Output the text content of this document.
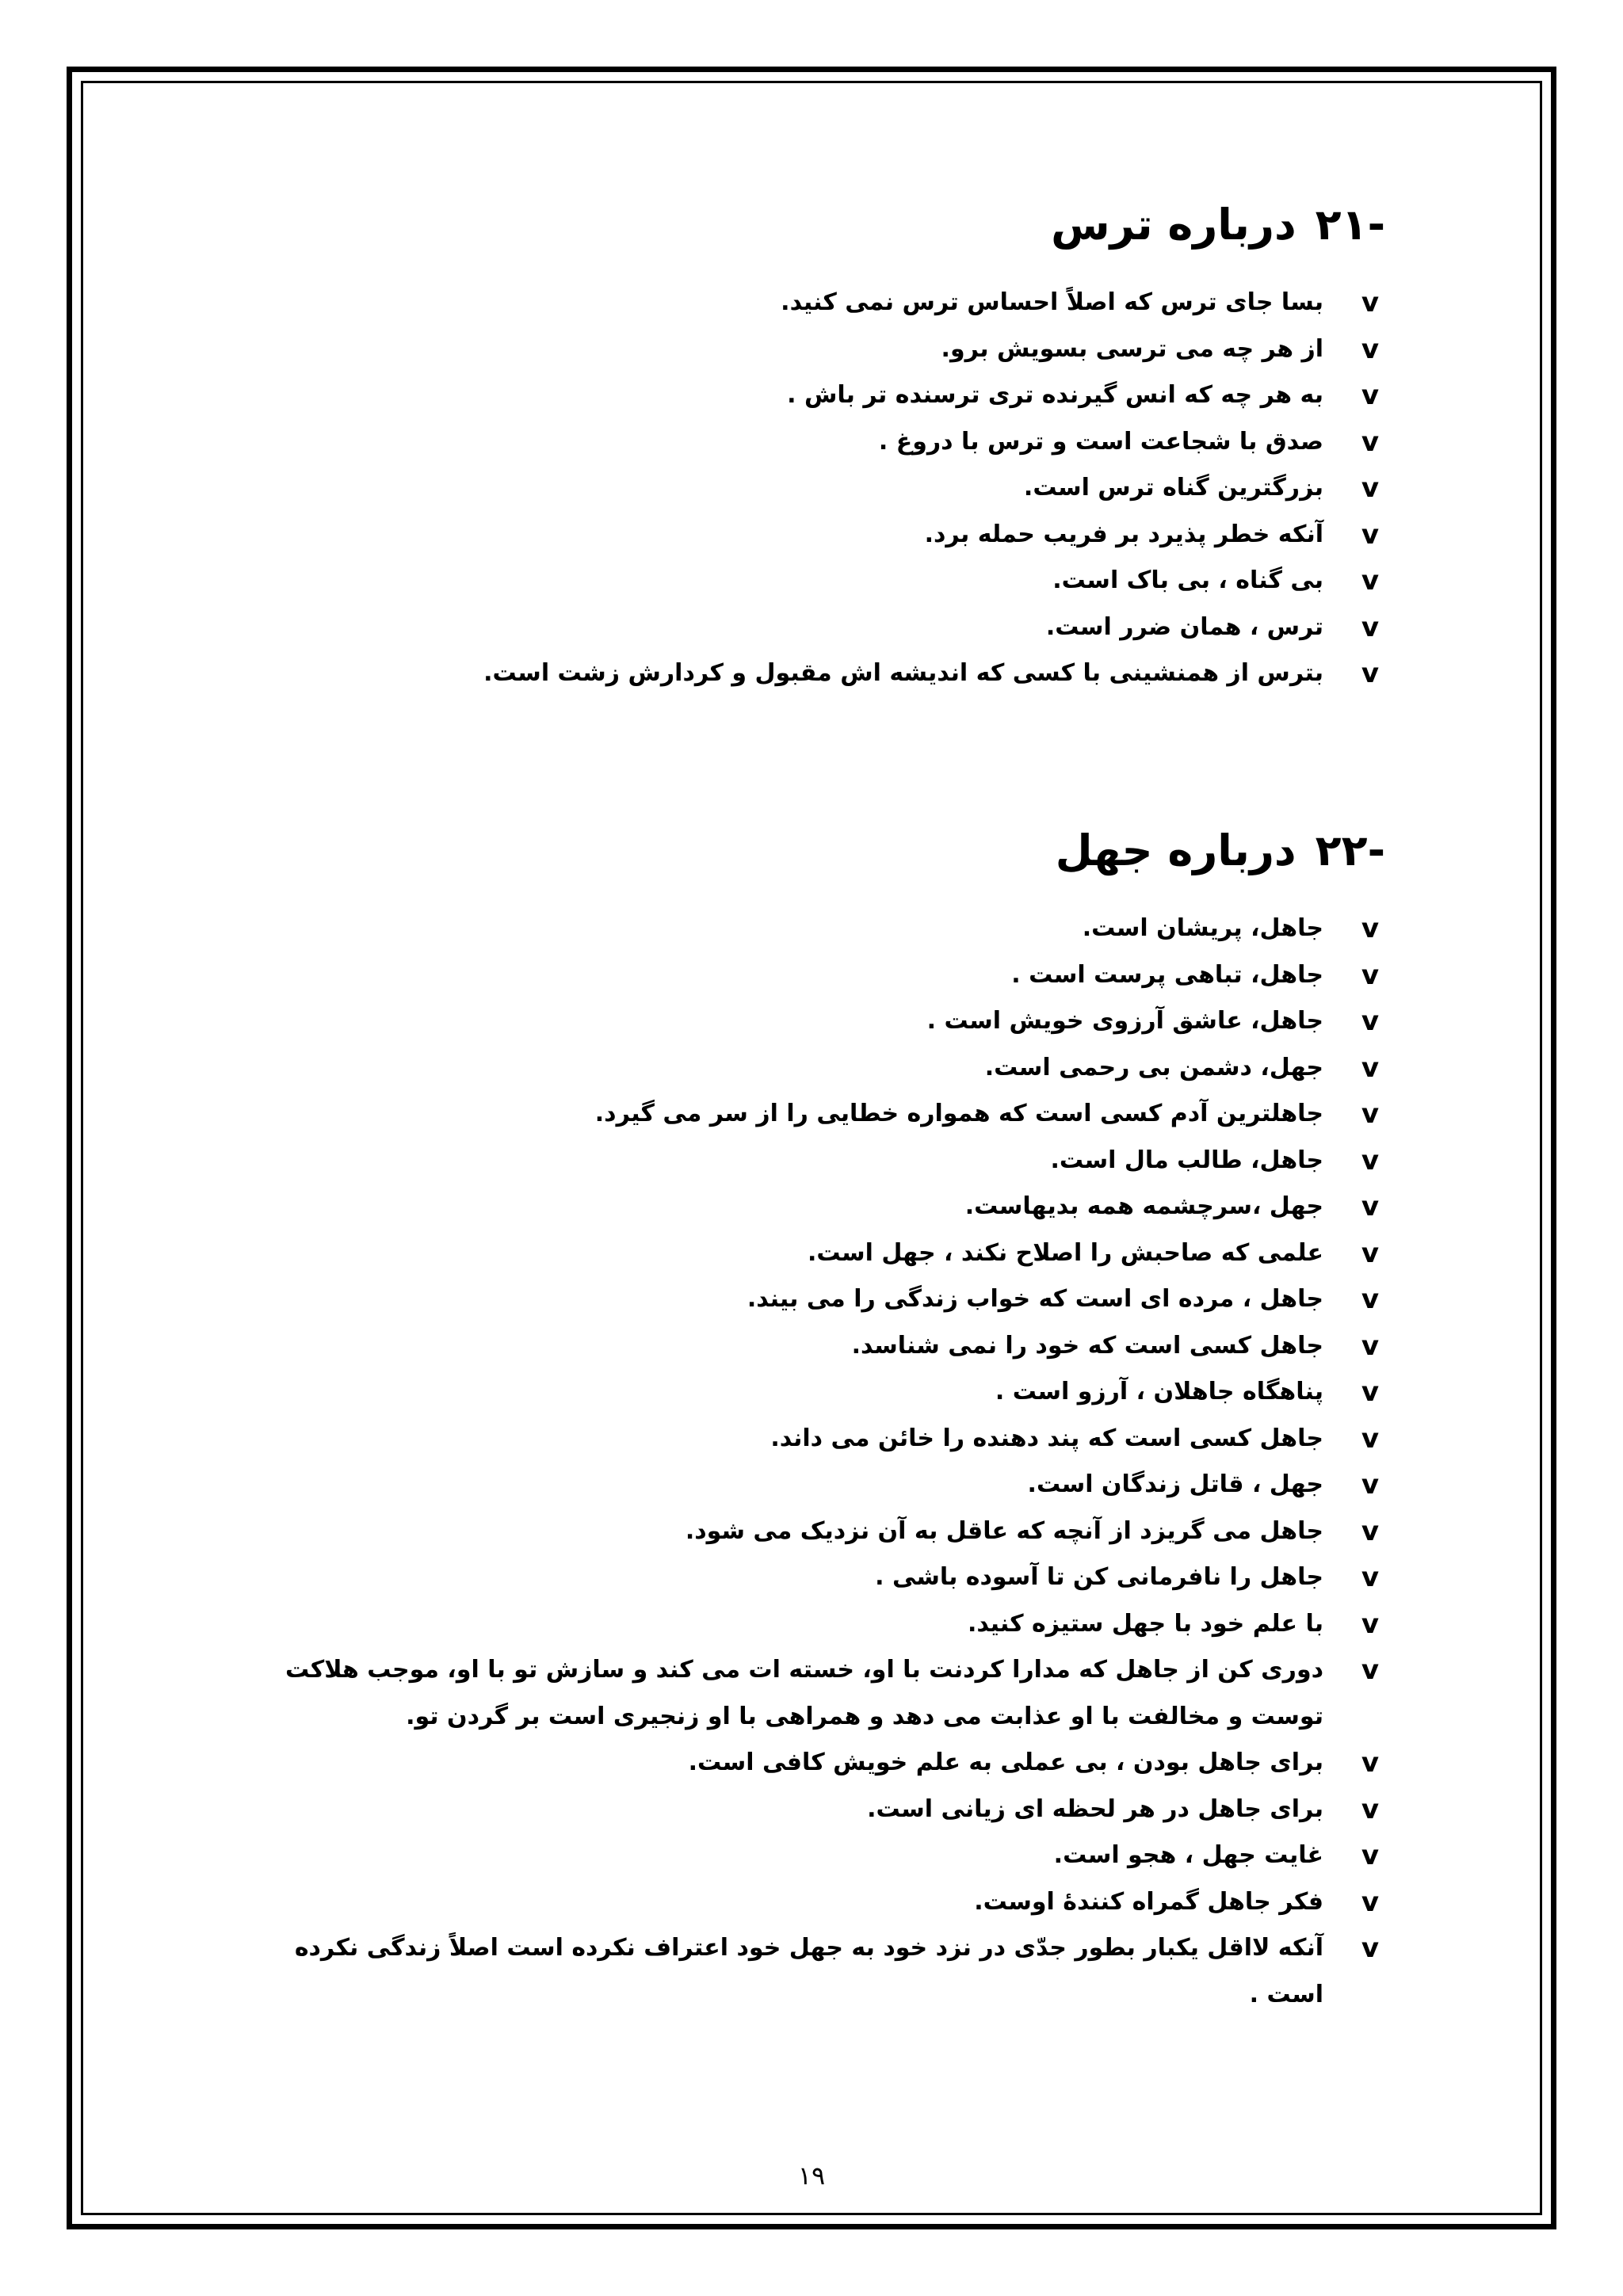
-۲۱درباره ترس
v
بسا جای ترس که اصلاً احساس ترس نمی کنید.
v
از هر چه می ترسی بسویش برو.
v
به هر چه که انس گیرنده تری ترسنده تر باش .
v
صدق با شجاعت است و ترس با دروغ .
v
بزرگترین گناه ترس است.
v
آنکه خطر پذیرد بر فریب حمله برد.
v
بی گناه ، بی باک است.
v
ترس ، همان ضرر است.
v
بترس از همنشینی با کسی که اندیشه اش مقبول و کردارش زشت است.
-۲۲درباره جهل
v
جاهل، پریشان است.
v
جاهل، تباهی پرست است .
v
جاهل، عاشق آرزوی خویش است .
v
جهل، دشمن بی رحمی است.
v
جاهلترین آدم کسی است که همواره خطایی را از سر می گیرد.
v
جاهل، طالب مال است.
v
جهل ،سرچشمه همه بدیهاست.
v
علمی که صاحبش را اصلاح نکند ، جهل است.
v
جاهل ، مرده ای است که خواب زندگی را می بیند.
v
جاهل کسی است که خود را نمی شناسد.
v
پناهگاه جاهلان ، آرزو است .
v
جاهل کسی است که پند دهنده را خائن می داند.
v
جهل ، قاتل زندگان است.
v
جاهل می گریزد از آنچه که عاقل به آن نزدیک می شود.
v
جاهل را نافرمانی کن تا آسوده باشی .
v
با علم خود با جهل ستیزه کنید.
v
دوری کن از جاهل که مدارا کردنت با او، خسته ات می کند و سازش تو با او، موجب هلاکت توست و مخالفت با او عذابت می دهد و همراهی با او زنجیری است بر گردن تو.
v
برای جاهل بودن ، بی عملی به علم خویش کافی است.
v
برای جاهل در هر لحظه ای زیانی است.
v
غایت جهل ، هجو است.
v
فکر جاهل گمراه کنندهٔ اوست.
v
آنکه لااقل یکبار بطور جدّی در نزد خود به جهل خود اعتراف نکرده است اصلاً زندگی نکرده است .
۱۹
